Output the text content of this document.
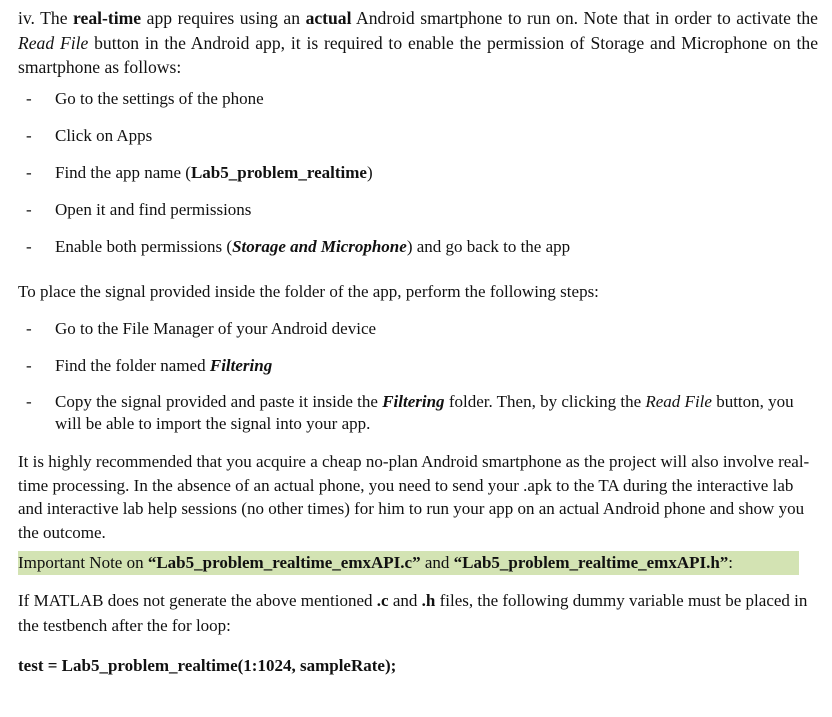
iv. The real-time app requires using an actual Android smartphone to run on. Note that in order to activate the Read File button in the Android app, it is required to enable the permission of Storage and Microphone on the smartphone as follows:

- Go to the settings of the phone
- Click on Apps
- Find the app name (Lab5_problem_realtime)
- Open it and find permissions
- Enable both permissions (Storage and Microphone) and go back to the app

To place the signal provided inside the folder of the app, perform the following steps:

- Go to the File Manager of your Android device
- Find the folder named Filtering
- Copy the signal provided and paste it inside the Filtering folder. Then, by clicking the Read File button, you will be able to import the signal into your app.

It is highly recommended that you acquire a cheap no-plan Android smartphone as the project will also involve real-time processing. In the absence of an actual phone, you need to send your .apk to the TA during the interactive lab and interactive lab help sessions (no other times) for him to run your app on an actual Android phone and show you the outcome.

Important Note on “Lab5_problem_realtime_emxAPI.c” and “Lab5_problem_realtime_emxAPI.h”:

If MATLAB does not generate the above mentioned .c and .h files, the following dummy variable must be placed in the testbench after the for loop:

test = Lab5_problem_realtime(1:1024, sampleRate);
